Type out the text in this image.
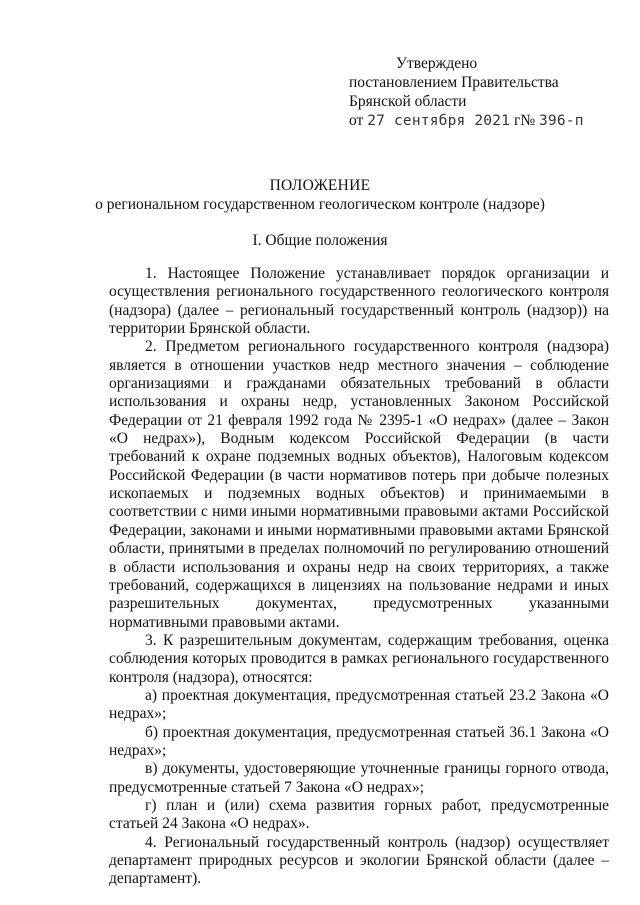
Утверждено
постановлением Правительства
Брянской области
от 27 сентября 2021 г№ 396-п
ПОЛОЖЕНИЕ
о региональном государственном геологическом контроле (надзоре)
I. Общие положения

1. Настоящее Положение устанавливает порядок организации и осуществления регионального государственного геологического контроля (надзора) (далее – региональный государственный контроль (надзор)) на территории Брянской области.

2. Предметом регионального государственного контроля (надзора) является в отношении участков недр местного значения – соблюдение организациями и гражданами обязательных требований в области использования и охраны недр, установленных Законом Российской Федерации от 21 февраля 1992 года № 2395-1 «О недрах» (далее – Закон «О недрах»), Водным кодексом Российской Федерации (в части требований к охране подземных водных объектов), Налоговым кодексом Российской Федерации (в части нормативов потерь при добыче полезных ископаемых и подземных водных объектов) и принимаемыми в соответствии с ними иными нормативными правовыми актами Российской Федерации, законами и иными нормативными правовыми актами Брянской области, принятыми в пределах полномочий по регулированию отношений в области использования и охраны недр на своих территориях, а также требований, содержащихся в лицензиях на пользование недрами и иных разрешительных документах, предусмотренных указанными нормативными правовыми актами.

3. К разрешительным документам, содержащим требования, оценка соблюдения которых проводится в рамках регионального государственного контроля (надзора), относятся:

а) проектная документация, предусмотренная статьей 23.2 Закона «О недрах»;

б) проектная документация, предусмотренная статьей 36.1 Закона «О недрах»;

в) документы, удостоверяющие уточненные границы горного отвода, предусмотренные статьей 7 Закона «О недрах»;

г) план и (или) схема развития горных работ, предусмотренные статьей 24 Закона «О недрах».

4. Региональный государственный контроль (надзор) осуществляет департамент природных ресурсов и экологии Брянской области (далее – департамент).
